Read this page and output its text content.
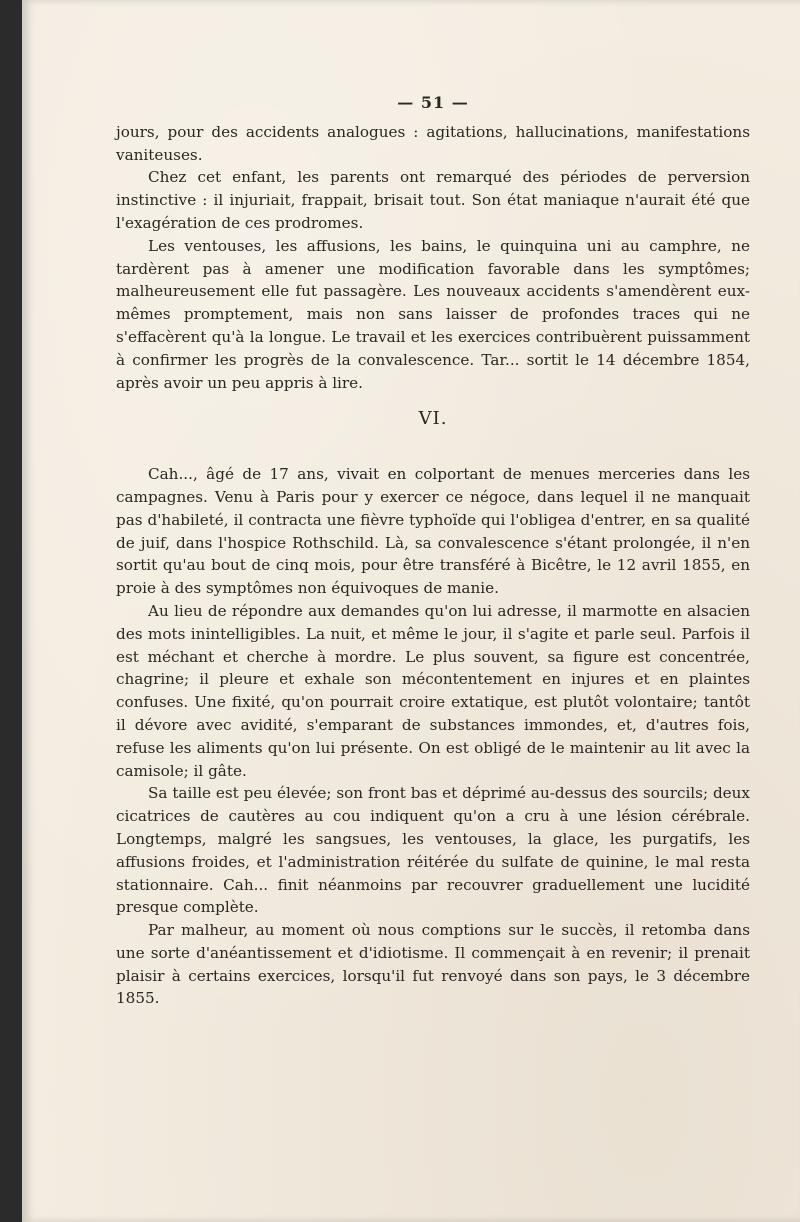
— 51 —

jours, pour des accidents analogues : agitations, hallucinations, manifestations vaniteuses.

Chez cet enfant, les parents ont remarqué des périodes de perversion instinctive : il injuriait, frappait, brisait tout. Son état maniaque n'aurait été que l'exagération de ces prodromes.

Les ventouses, les affusions, les bains, le quinquina uni au camphre, ne tardèrent pas à amener une modification favorable dans les symptômes; malheureusement elle fut passagère. Les nouveaux accidents s'amendèrent eux-mêmes promptement, mais non sans laisser de profondes traces qui ne s'effacèrent qu'à la longue. Le travail et les exercices contribuèrent puissamment à confirmer les progrès de la convalescence. Tar... sortit le 14 décembre 1854, après avoir un peu appris à lire.

VI.

Cah..., âgé de 17 ans, vivait en colportant de menues merceries dans les campagnes. Venu à Paris pour y exercer ce négoce, dans lequel il ne manquait pas d'habileté, il contracta une fièvre typhoïde qui l'obligea d'entrer, en sa qualité de juif, dans l'hospice Rothschild. Là, sa convalescence s'étant prolongée, il n'en sortit qu'au bout de cinq mois, pour être transféré à Bicêtre, le 12 avril 1855, en proie à des symptômes non équivoques de manie.

Au lieu de répondre aux demandes qu'on lui adresse, il marmotte en alsacien des mots inintelligibles. La nuit, et même le jour, il s'agite et parle seul. Parfois il est méchant et cherche à mordre. Le plus souvent, sa figure est concentrée, chagrine; il pleure et exhale son mécontentement en injures et en plaintes confuses. Une fixité, qu'on pourrait croire extatique, est plutôt volontaire; tantôt il dévore avec avidité, s'emparant de substances immondes, et, d'autres fois, refuse les aliments qu'on lui présente. On est obligé de le maintenir au lit avec la camisole; il gâte.

Sa taille est peu élevée; son front bas et déprimé au-dessus des sourcils; deux cicatrices de cautères au cou indiquent qu'on a cru à une lésion cérébrale. Longtemps, malgré les sangsues, les ventouses, la glace, les purgatifs, les affusions froides, et l'administration réitérée du sulfate de quinine, le mal resta stationnaire. Cah... finit néanmoins par recouvrer graduellement une lucidité presque complète.

Par malheur, au moment où nous comptions sur le succès, il retomba dans une sorte d'anéantissement et d'idiotisme. Il commençait à en revenir; il prenait plaisir à certains exercices, lorsqu'il fut renvoyé dans son pays, le 3 décembre 1855.
